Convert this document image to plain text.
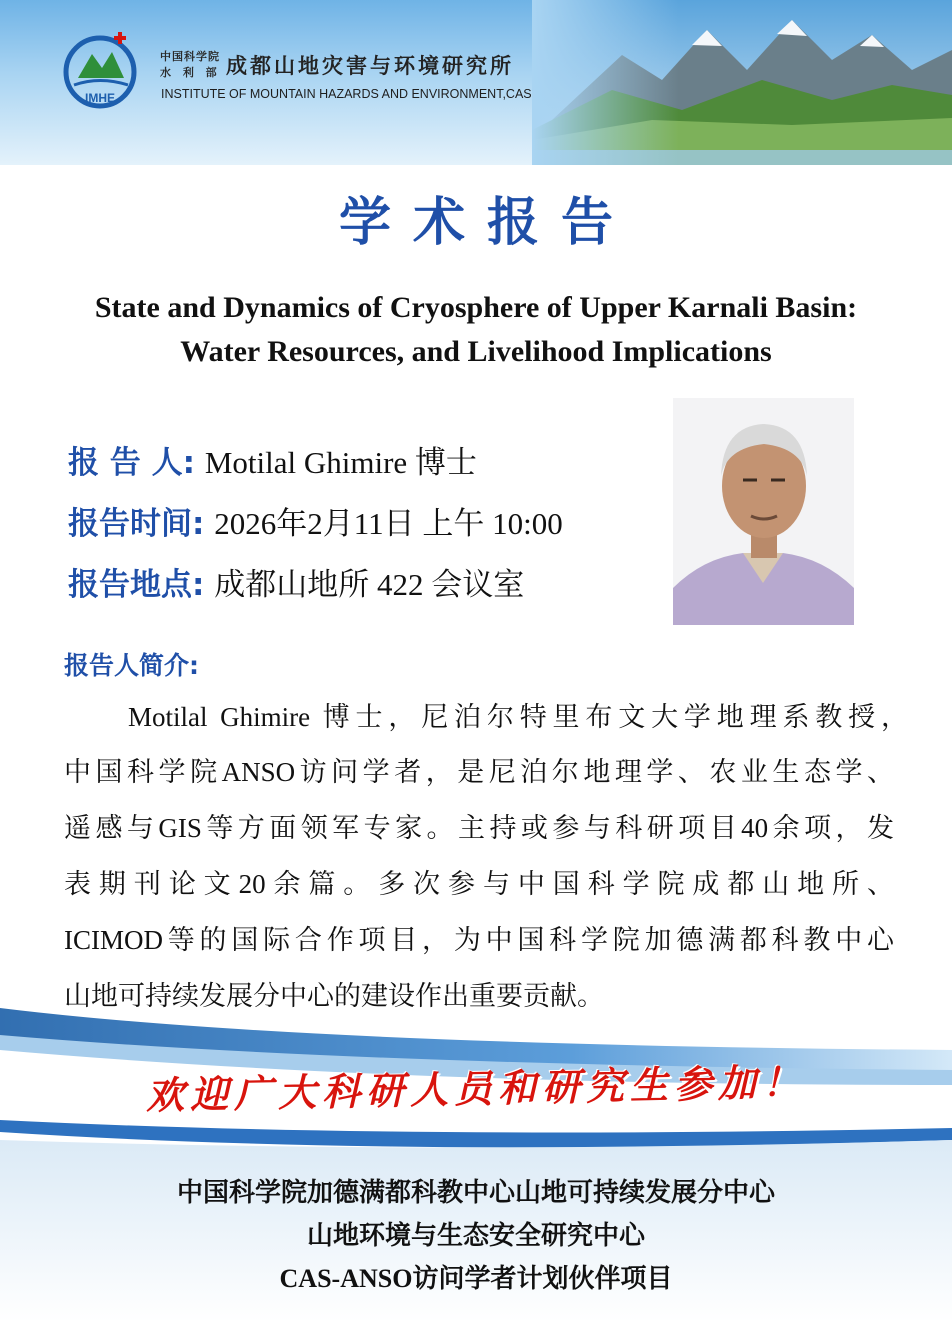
IMHE
中国科学院
水 利 部 成都山地灾害与环境研究所
INSTITUTE OF MOUNTAIN HAZARDS AND ENVIRONMENT,CAS
学术报告
State and Dynamics of Cryosphere of Upper Karnali Basin:
Water Resources, and Livelihood Implications
报 告 人: Motilal Ghimire 博士
报告时间: 2026年2月11日 上午 10:00
报告地点: 成都山地所 422 会议室
报告人简介:
Motilal Ghimire 博士，尼泊尔特里布文大学地理系教授，
中国科学院ANSO访问学者，是尼泊尔地理学、农业生态学、
遥感与GIS等方面领军专家。主持或参与科研项目40余项，发
表期刊论文20余篇。多次参与中国科学院成都山地所、
ICIMOD等的国际合作项目，为中国科学院加德满都科教中心
山地可持续发展分中心的建设作出重要贡献。
欢迎广大科研人员和研究生参加！
中国科学院加德满都科教中心山地可持续发展分中心
山地环境与生态安全研究中心
CAS-ANSO访问学者计划伙伴项目
